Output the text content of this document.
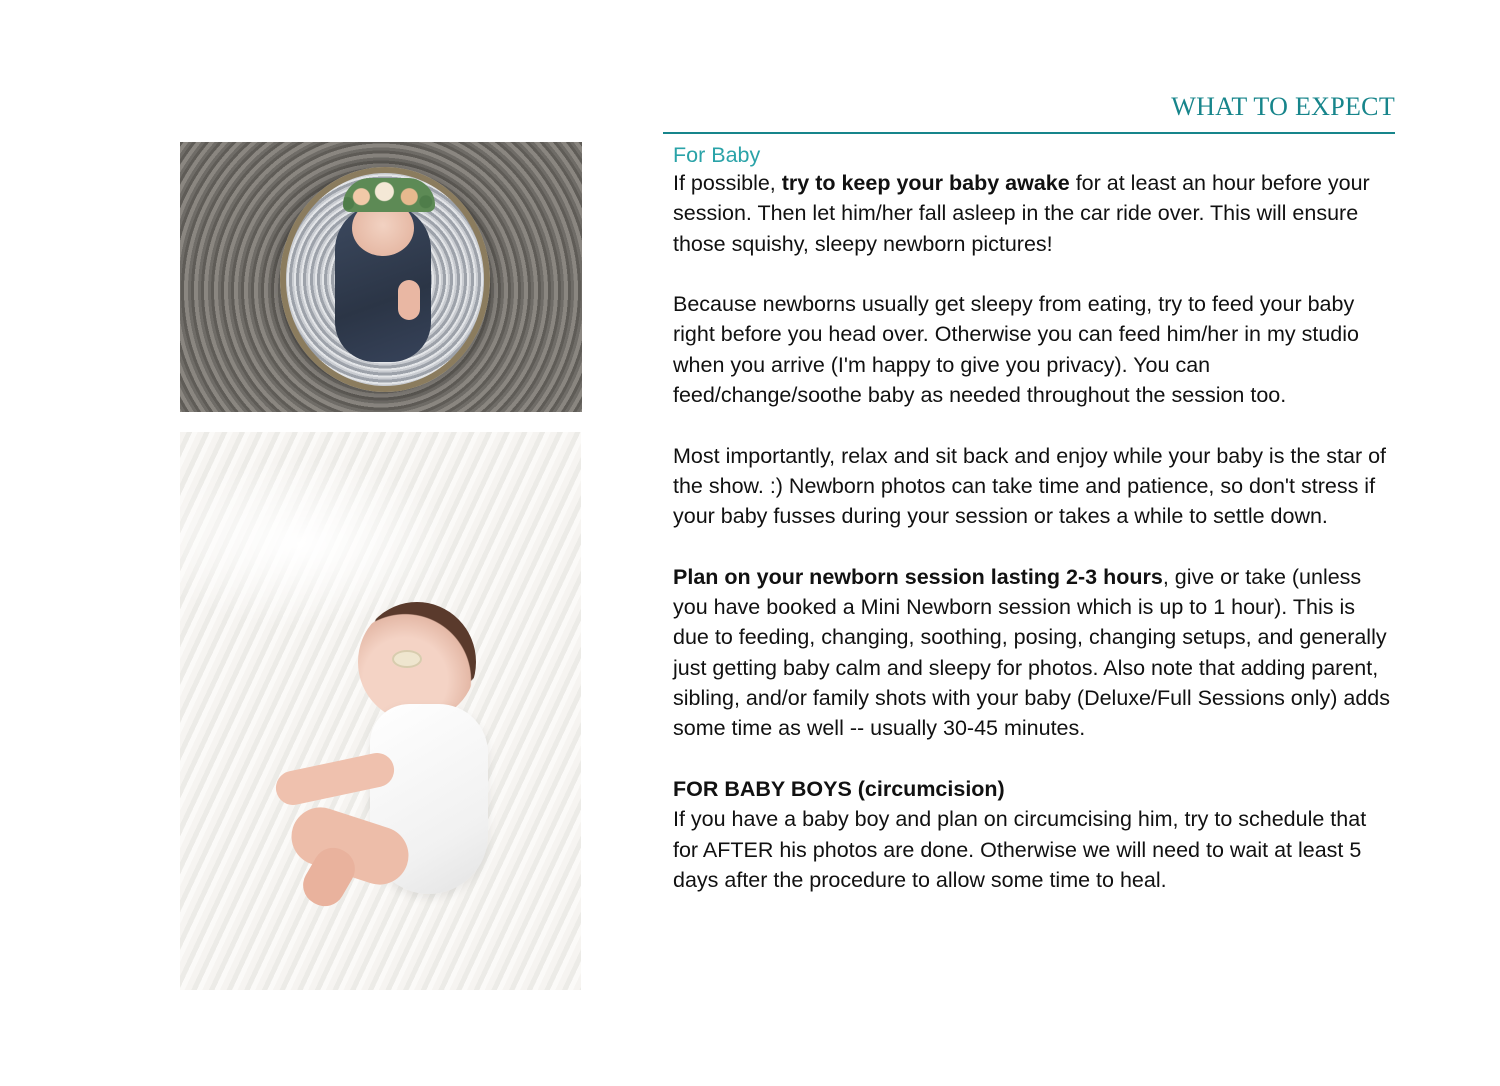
WHAT TO EXPECT

For Baby

If possible, try to keep your baby awake for at least an hour before your session. Then let him/her fall asleep in the car ride over. This will ensure those squishy, sleepy newborn pictures!

Because newborns usually get sleepy from eating, try to feed your baby right before you head over. Otherwise you can feed him/her in my studio when you arrive (I'm happy to give you privacy). You can feed/change/soothe baby as needed throughout the session too.

Most importantly, relax and sit back and enjoy while your baby is the star of the show. :) Newborn photos can take time and patience, so don't stress if your baby fusses during your session or takes a while to settle down.

Plan on your newborn session lasting 2-3 hours, give or take (unless you have booked a Mini Newborn session which is up to 1 hour). This is due to feeding, changing, soothing, posing, changing setups, and generally just getting baby calm and sleepy for photos. Also note that adding parent, sibling, and/or family shots with your baby (Deluxe/Full Sessions only) adds some time as well -- usually 30-45 minutes.

FOR BABY BOYS (circumcision)

If you have a baby boy and plan on circumcising him, try to schedule that for AFTER his photos are done. Otherwise we will need to wait at least 5 days after the procedure to allow some time to heal.
